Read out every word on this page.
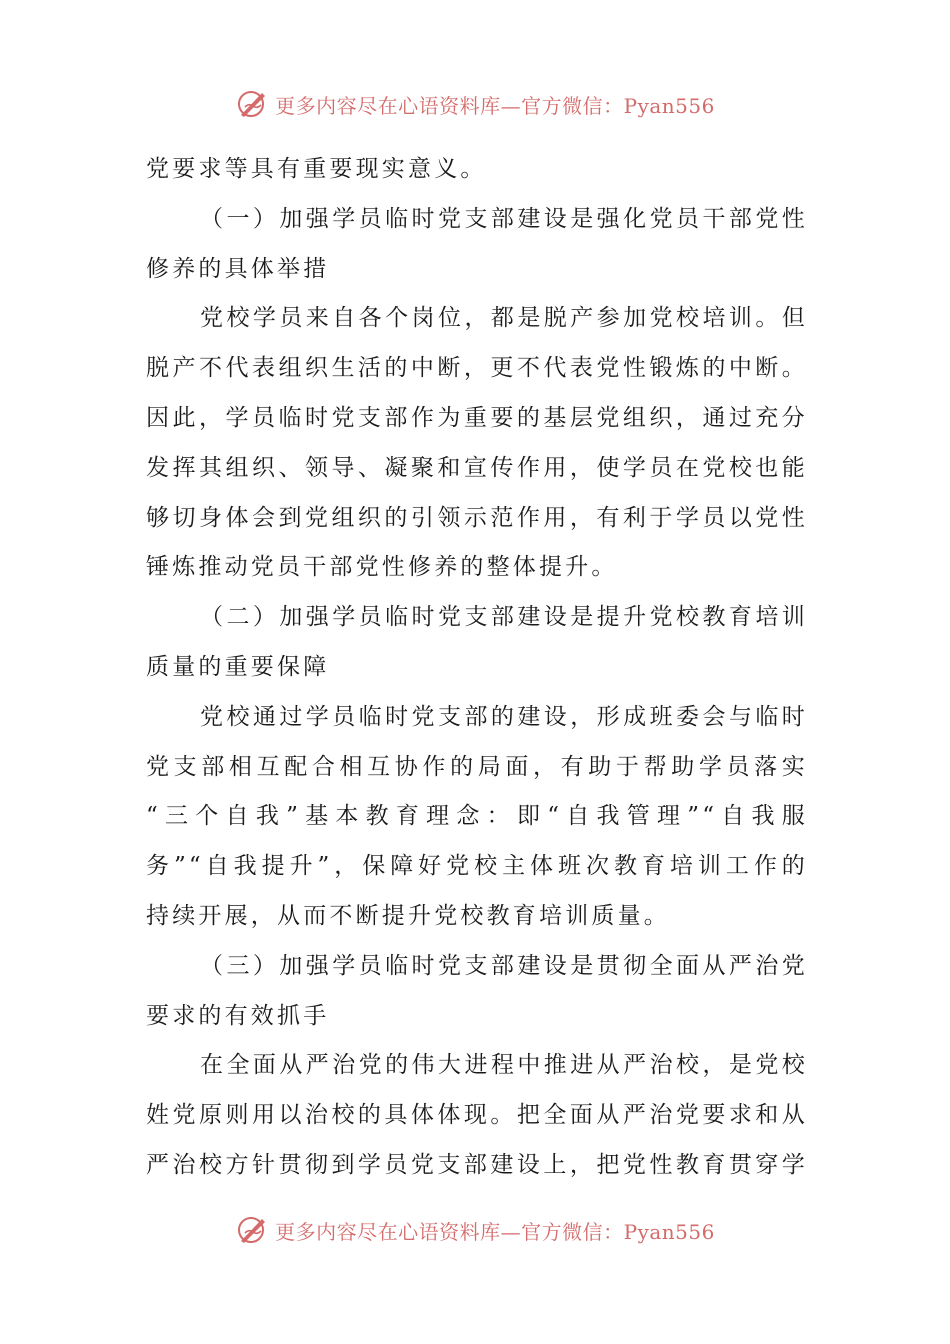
更多内容尽在心语资料库—官方微信：Pyan556
党要求等具有重要现实意义。
（一）加强学员临时党支部建设是强化党员干部党性
修养的具体举措
党校学员来自各个岗位，都是脱产参加党校培训。但
脱产不代表组织生活的中断，更不代表党性锻炼的中断。
因此，学员临时党支部作为重要的基层党组织，通过充分
发挥其组织、领导、凝聚和宣传作用，使学员在党校也能
够切身体会到党组织的引领示范作用，有利于学员以党性
锤炼推动党员干部党性修养的整体提升。
（二）加强学员临时党支部建设是提升党校教育培训
质量的重要保障
党校通过学员临时党支部的建设，形成班委会与临时
党支部相互配合相互协作的局面，有助于帮助学员落实
“三个自我”基本教育理念：即“自我管理”“自我服
务”“自我提升”，保障好党校主体班次教育培训工作的
持续开展，从而不断提升党校教育培训质量。
（三）加强学员临时党支部建设是贯彻全面从严治党
要求的有效抓手
在全面从严治党的伟大进程中推进从严治校，是党校
姓党原则用以治校的具体体现。把全面从严治党要求和从
严治校方针贯彻到学员党支部建设上，把党性教育贯穿学
更多内容尽在心语资料库—官方微信：Pyan556
